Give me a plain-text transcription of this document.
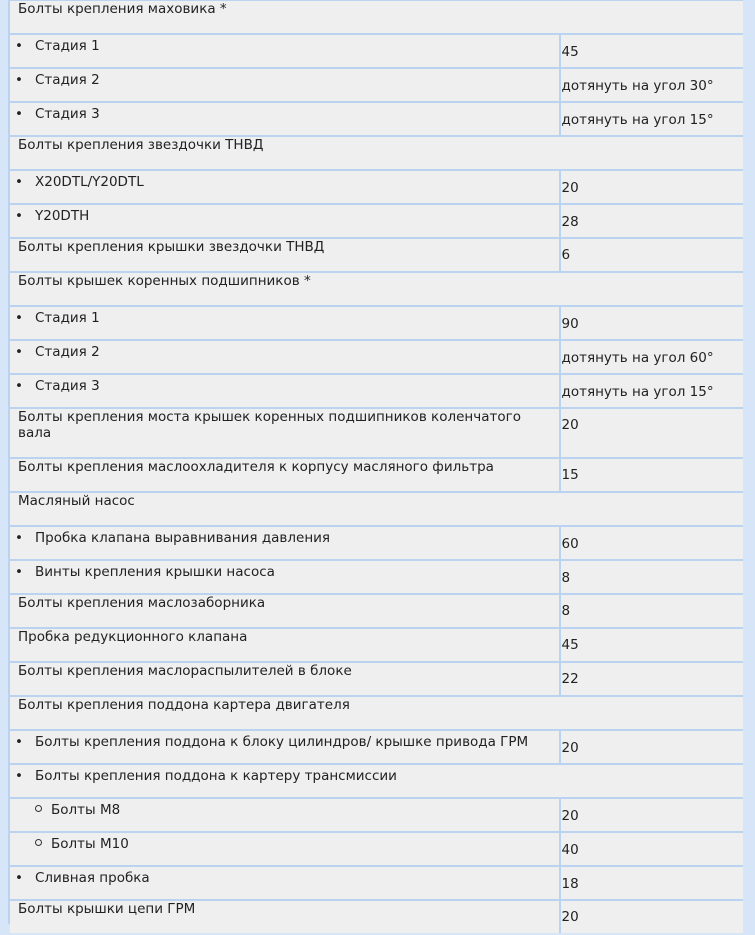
Болты крепления маховика *	
• Стадия 1	45
• Стадия 2	дотянуть на угол 30°
• Стадия 3	дотянуть на угол 15°
Болты крепления звездочки ТНВД	
• X20DTL/Y20DTL	20
• Y20DTH	28
Болты крепления крышки звездочки ТНВД	6
Болты крышек коренных подшипников *	
• Стадия 1	90
• Стадия 2	дотянуть на угол 60°
• Стадия 3	дотянуть на угол 15°
Болты крепления моста крышек коренных подшипников коленчатого вала	20
Болты крепления маслоохладителя к корпусу масляного фильтра	15
Масляный насос	
• Пробка клапана выравнивания давления	60
• Винты крепления крышки насоса	8
Болты крепления маслозаборника	8
Пробка редукционного клапана	45
Болты крепления маслораспылителей в блоке	22
Болты крепления поддона картера двигателя	
• Болты крепления поддона к блоку цилиндров/ крышке привода ГРМ	20
• Болты крепления поддона к картеру трансмиссии	
Болты М8	20
Болты М10	40
• Сливная пробка	18
Болты крышки цепи ГРМ	20
